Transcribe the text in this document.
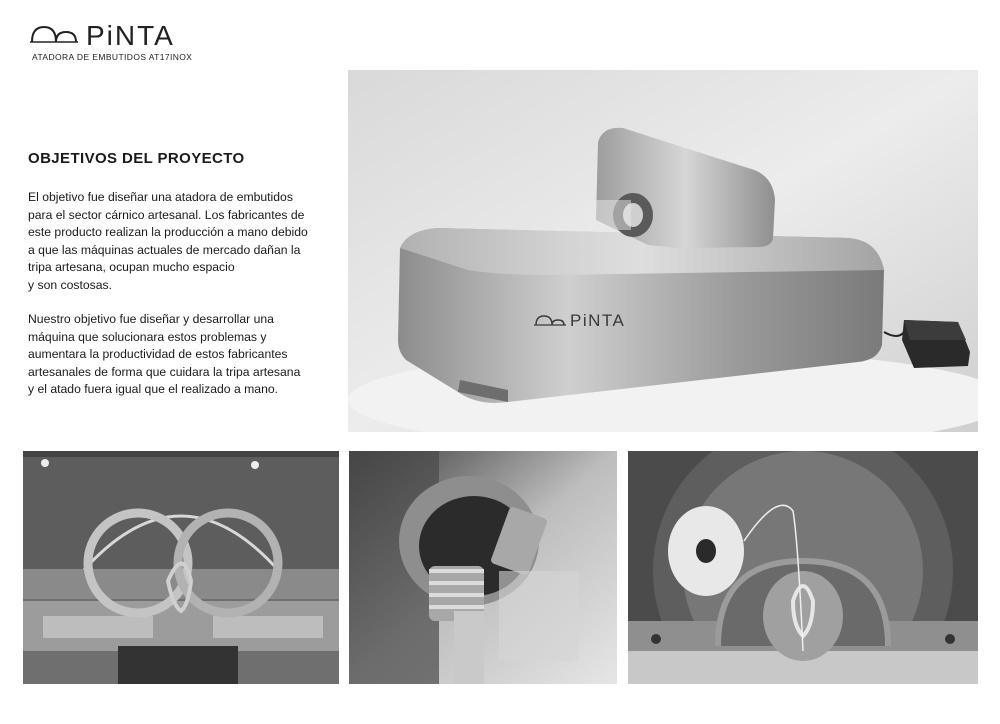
PiNTA
ATADORA DE EMBUTIDOS AT17INOX
OBJETIVOS DEL PROYECTO

El objetivo fue diseñar una atadora de embutidos
para el sector cárnico artesanal. Los fabricantes de
este producto realizan la producción a mano debido
a que las máquinas actuales de mercado dañan la
tripa artesana, ocupan mucho espacio
y son costosas.

Nuestro objetivo fue diseñar y desarrollar una
máquina que solucionara estos problemas y
aumentara la productividad de estos fabricantes
artesanales de forma que cuidara la tripa artesana
y el atado fuera igual que el realizado a mano.

PiNTA
